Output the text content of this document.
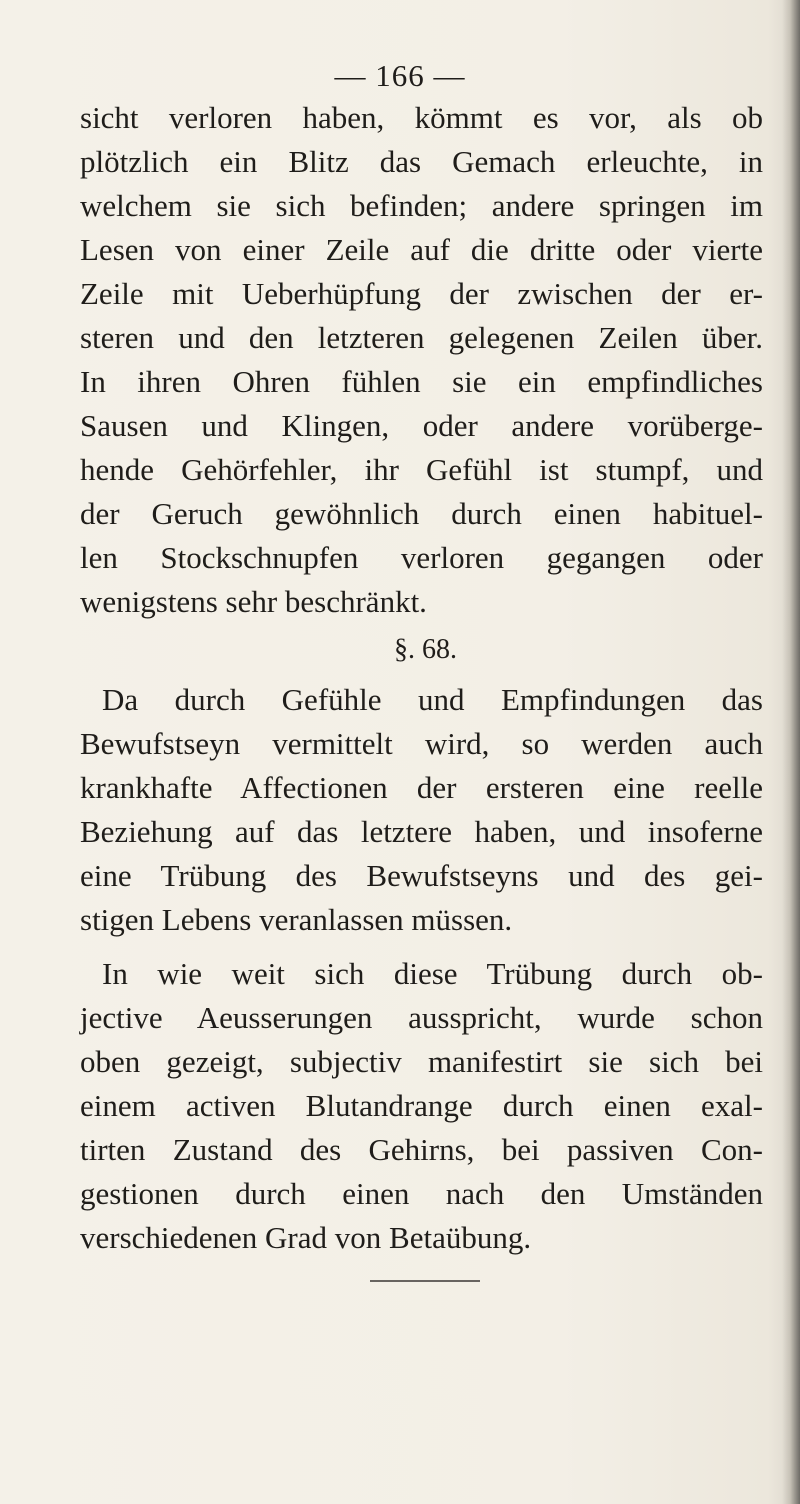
— 166 —
sicht verloren haben, kömmt es vor, als ob
plötzlich ein Blitz das Gemach erleuchte, in
welchem sie sich befinden; andere springen im
Lesen von einer Zeile auf die dritte oder vierte
Zeile mit Ueberhüpfung der zwischen der er-
steren und den letzteren gelegenen Zeilen über.
In ihren Ohren fühlen sie ein empfindliches
Sausen und Klingen, oder andere vorüberge-
hende Gehörfehler, ihr Gefühl ist stumpf, und
der Geruch gewöhnlich durch einen habituel-
len Stockschnupfen verloren gegangen oder
wenigstens sehr beschränkt.
§. 68.
Da durch Gefühle und Empfindungen das
Bewufstseyn vermittelt wird, so werden auch
krankhafte Affectionen der ersteren eine reelle
Beziehung auf das letztere haben, und insoferne
eine Trübung des Bewufstseyns und des gei-
stigen Lebens veranlassen müssen.
In wie weit sich diese Trübung durch ob-
jective Aeusserungen ausspricht, wurde schon
oben gezeigt, subjectiv manifestirt sie sich bei
einem activen Blutandrange durch einen exal-
tirten Zustand des Gehirns, bei passiven Con-
gestionen durch einen nach den Umständen
verschiedenen Grad von Betaübung.
